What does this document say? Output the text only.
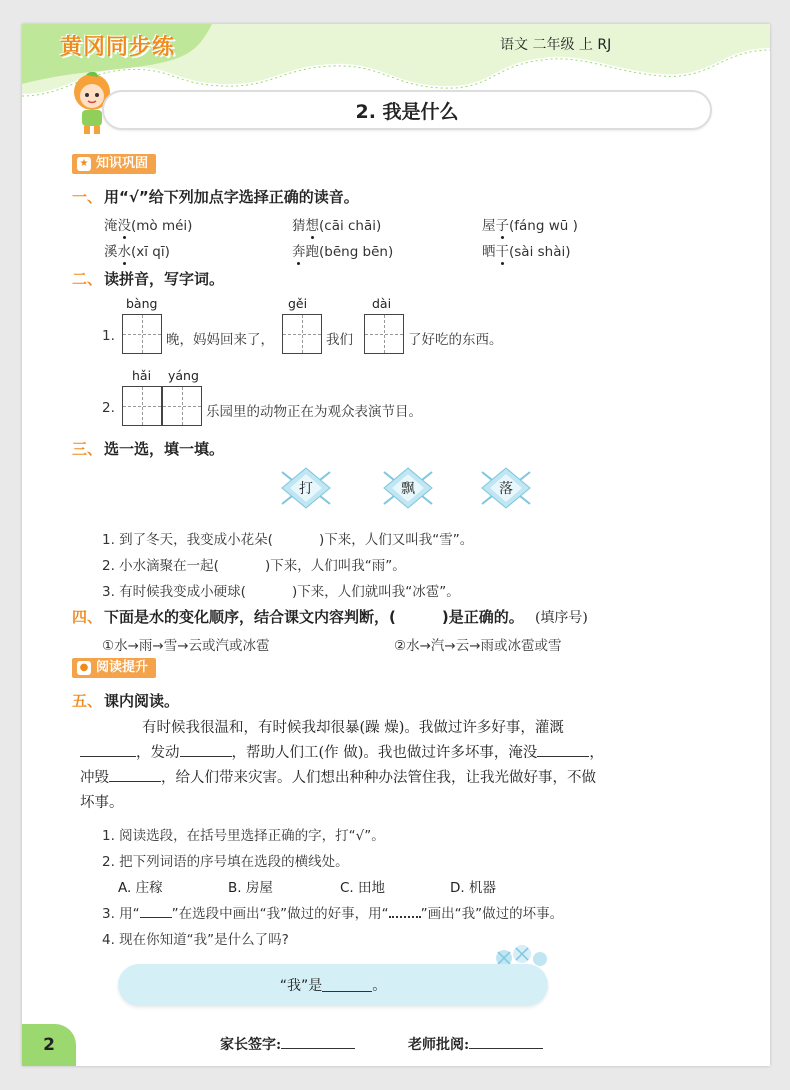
黄冈同步练	语文 二年级 上 RJ
2. 我是什么
★ 知识巩固
一、 用“√”给下列加点字选择正确的读音。
淹没(mò méi)	猜想(cāi chāi)	屋子(fáng wū )
溪水(xī qī)	奔跑(bēng bēn)	晒干(sài shài)
二、 读拼音，写字词。
bàng	gěi	dài
1.	晚，妈妈回来了，	我们	了好吃的东西。
hǎi yáng
2.	乐园里的动物正在为观众表演节目。
三、 选一选，填一填。
打	飘	落
1. 到了冬天，我变成小花朵(	)下来，人们又叫我“雪”。
2. 小水滴聚在一起(	)下来，人们叫我“雨”。
3. 有时候我变成小硬球(	)下来，人们就叫我“冰雹”。
四、 下面是水的变化顺序，结合课文内容判断，(	)是正确的。 (填序号)
①水→雨→雪→云或汽或冰雹	②水→汽→云→雨或冰雹或雪
● 阅读提升
五、 课内阅读。
有时候我很温和，有时候我却很暴(躁 燥)。我做过许多好事，灌溉
，发动	，帮助人们工(作 做)。我也做过许多坏事，淹没	，
冲毁	，给人们带来灾害。人们想出种种办法管住我，让我光做好事，不做
坏事。
1. 阅读选段，在括号里选择正确的字，打“√”。
2. 把下列词语的序号填在选段的横线处。
A. 庄稼	B. 房屋	C. 田地	D. 机器
3. 用“ ”在选段中画出“我”做过的好事，用“ ”画出“我”做过的坏事。
4. 现在你知道“我”是什么了吗?
“我”是	。
2	家长签字:	老师批阅:
